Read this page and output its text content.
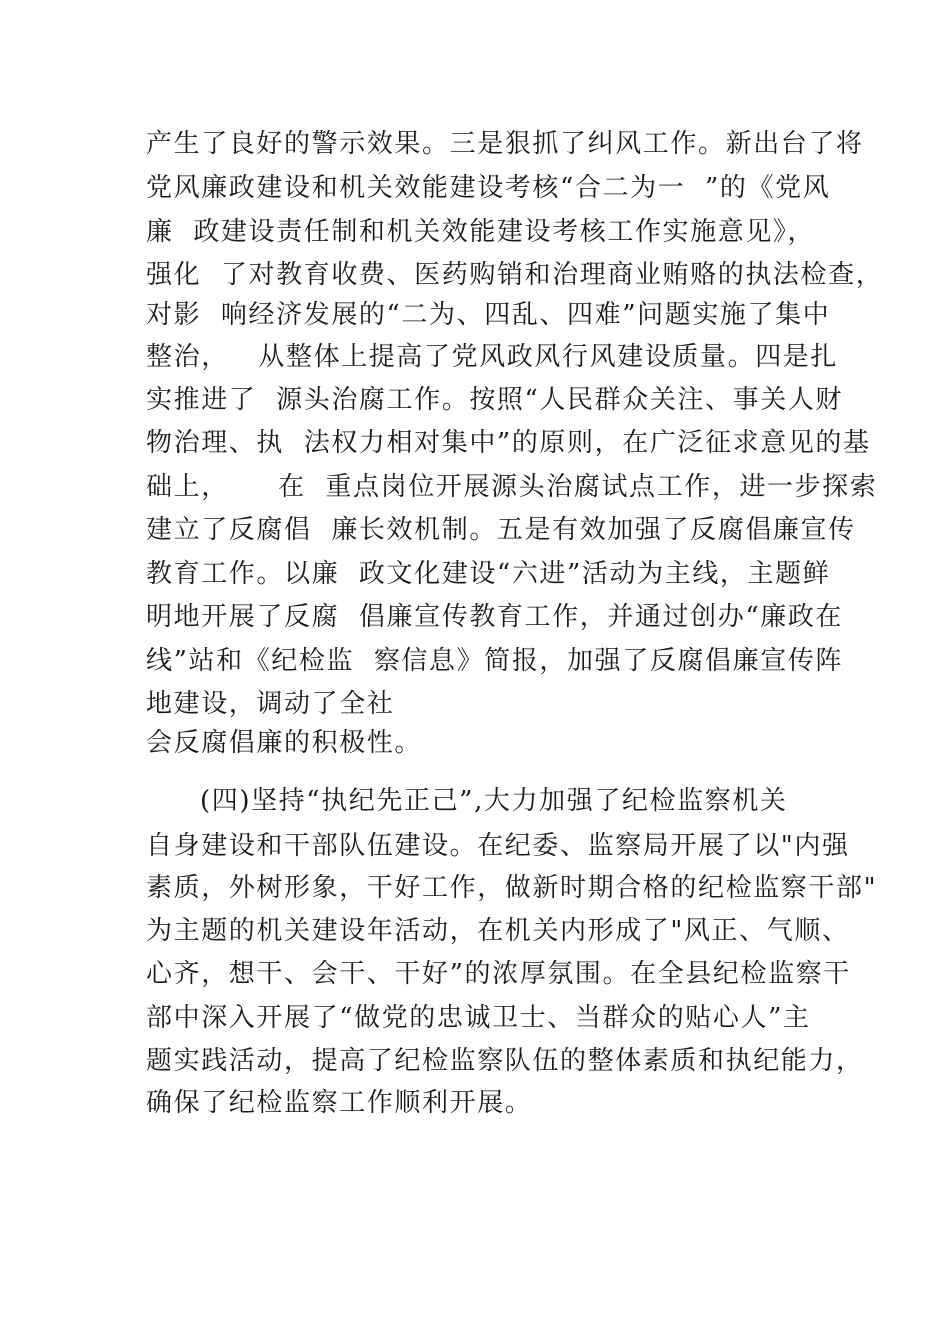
产生了良好的警示效果。三是狠抓了纠风工作。新出台了将
党风廉政建设和机关效能建设考核“合二为一  ”的《党风
廉  政建设责任制和机关效能建设考核工作实施意见》，
强化  了对教育收费、医药购销和治理商业贿赂的执法检查，
对影  响经济发展的“二为、四乱、四难”问题实施了集中
整治，   从整体上提高了党风政风行风建设质量。四是扎
实推进了  源头治腐工作。按照“人民群众关注、事关人财
物治理、执  法权力相对集中”的原则，在广泛征求意见的基
础上，     在  重点岗位开展源头治腐试点工作，进一步探索
建立了反腐倡  廉长效机制。五是有效加强了反腐倡廉宣传
教育工作。以廉  政文化建设“六进”活动为主线，主题鲜
明地开展了反腐  倡廉宣传教育工作，并通过创办“廉政在
线”站和《纪检监  察信息》简报，加强了反腐倡廉宣传阵
地建设，调动了全社
会反腐倡廉的积极性。
(四)坚持“执纪先正己”,大力加强了纪检监察机关
自身建设和干部队伍建设。在纪委、监察局开展了以"内强
素质，外树形象，干好工作，做新时期合格的纪检监察干部"
为主题的机关建设年活动，在机关内形成了"风正、气顺、
心齐，想干、会干、干好”的浓厚氛围。在全县纪检监察干
部中深入开展了“做党的忠诚卫士、当群众的贴心人”主
题实践活动，提高了纪检监察队伍的整体素质和执纪能力，
确保了纪检监察工作顺利开展。
